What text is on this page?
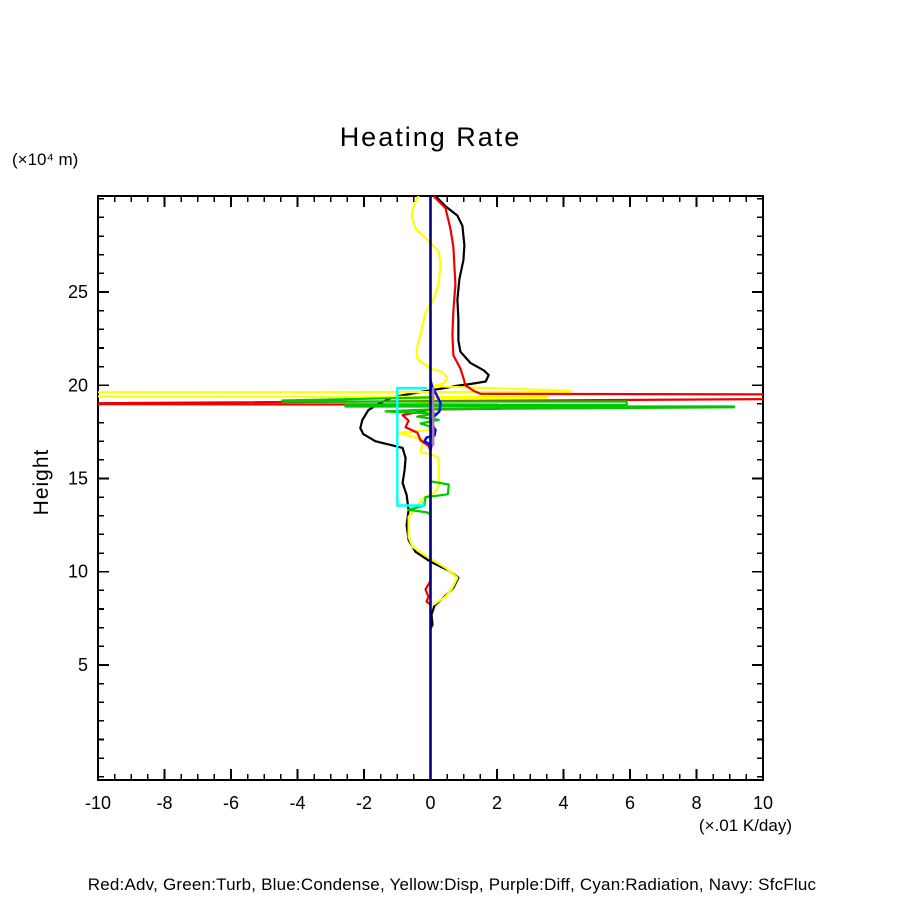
-10	-8	-6	-4	-2	0	2	4	6	8	10
5
10
15
20
25
Heating Rate
(×10⁴ m)
(×.01 K/day)
Height
Red:Adv, Green:Turb, Blue:Condense, Yellow:Disp, Purple:Diff, Cyan:Radiation, Navy: SfcFluc
